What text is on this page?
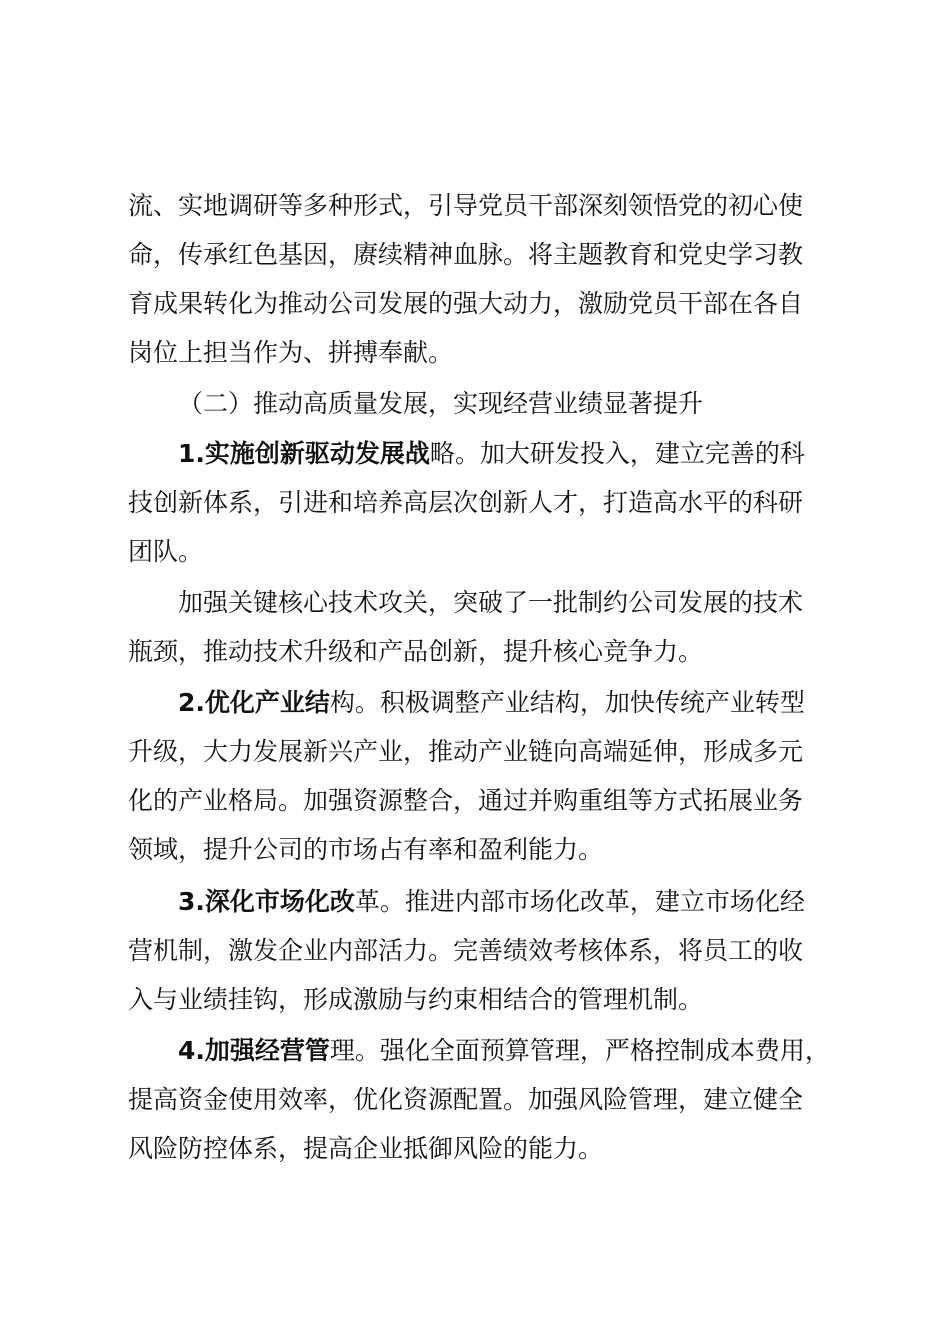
流、实地调研等多种形式，引导党员干部深刻领悟党的初心使
命，传承红色基因，赓续精神血脉。将主题教育和党史学习教
育成果转化为推动公司发展的强大动力，激励党员干部在各自
岗位上担当作为、拼搏奉献。
（二）推动高质量发展，实现经营业绩显著提升
1.实施创新驱动发展战略。加大研发投入，建立完善的科
技创新体系，引进和培养高层次创新人才，打造高水平的科研
团队。
加强关键核心技术攻关，突破了一批制约公司发展的技术
瓶颈，推动技术升级和产品创新，提升核心竞争力。
2.优化产业结构。积极调整产业结构，加快传统产业转型
升级，大力发展新兴产业，推动产业链向高端延伸，形成多元
化的产业格局。加强资源整合，通过并购重组等方式拓展业务
领域，提升公司的市场占有率和盈利能力。
3.深化市场化改革。推进内部市场化改革，建立市场化经
营机制，激发企业内部活力。完善绩效考核体系，将员工的收
入与业绩挂钩，形成激励与约束相结合的管理机制。
4.加强经营管理。强化全面预算管理，严格控制成本费用，
提高资金使用效率，优化资源配置。加强风险管理，建立健全
风险防控体系，提高企业抵御风险的能力。
